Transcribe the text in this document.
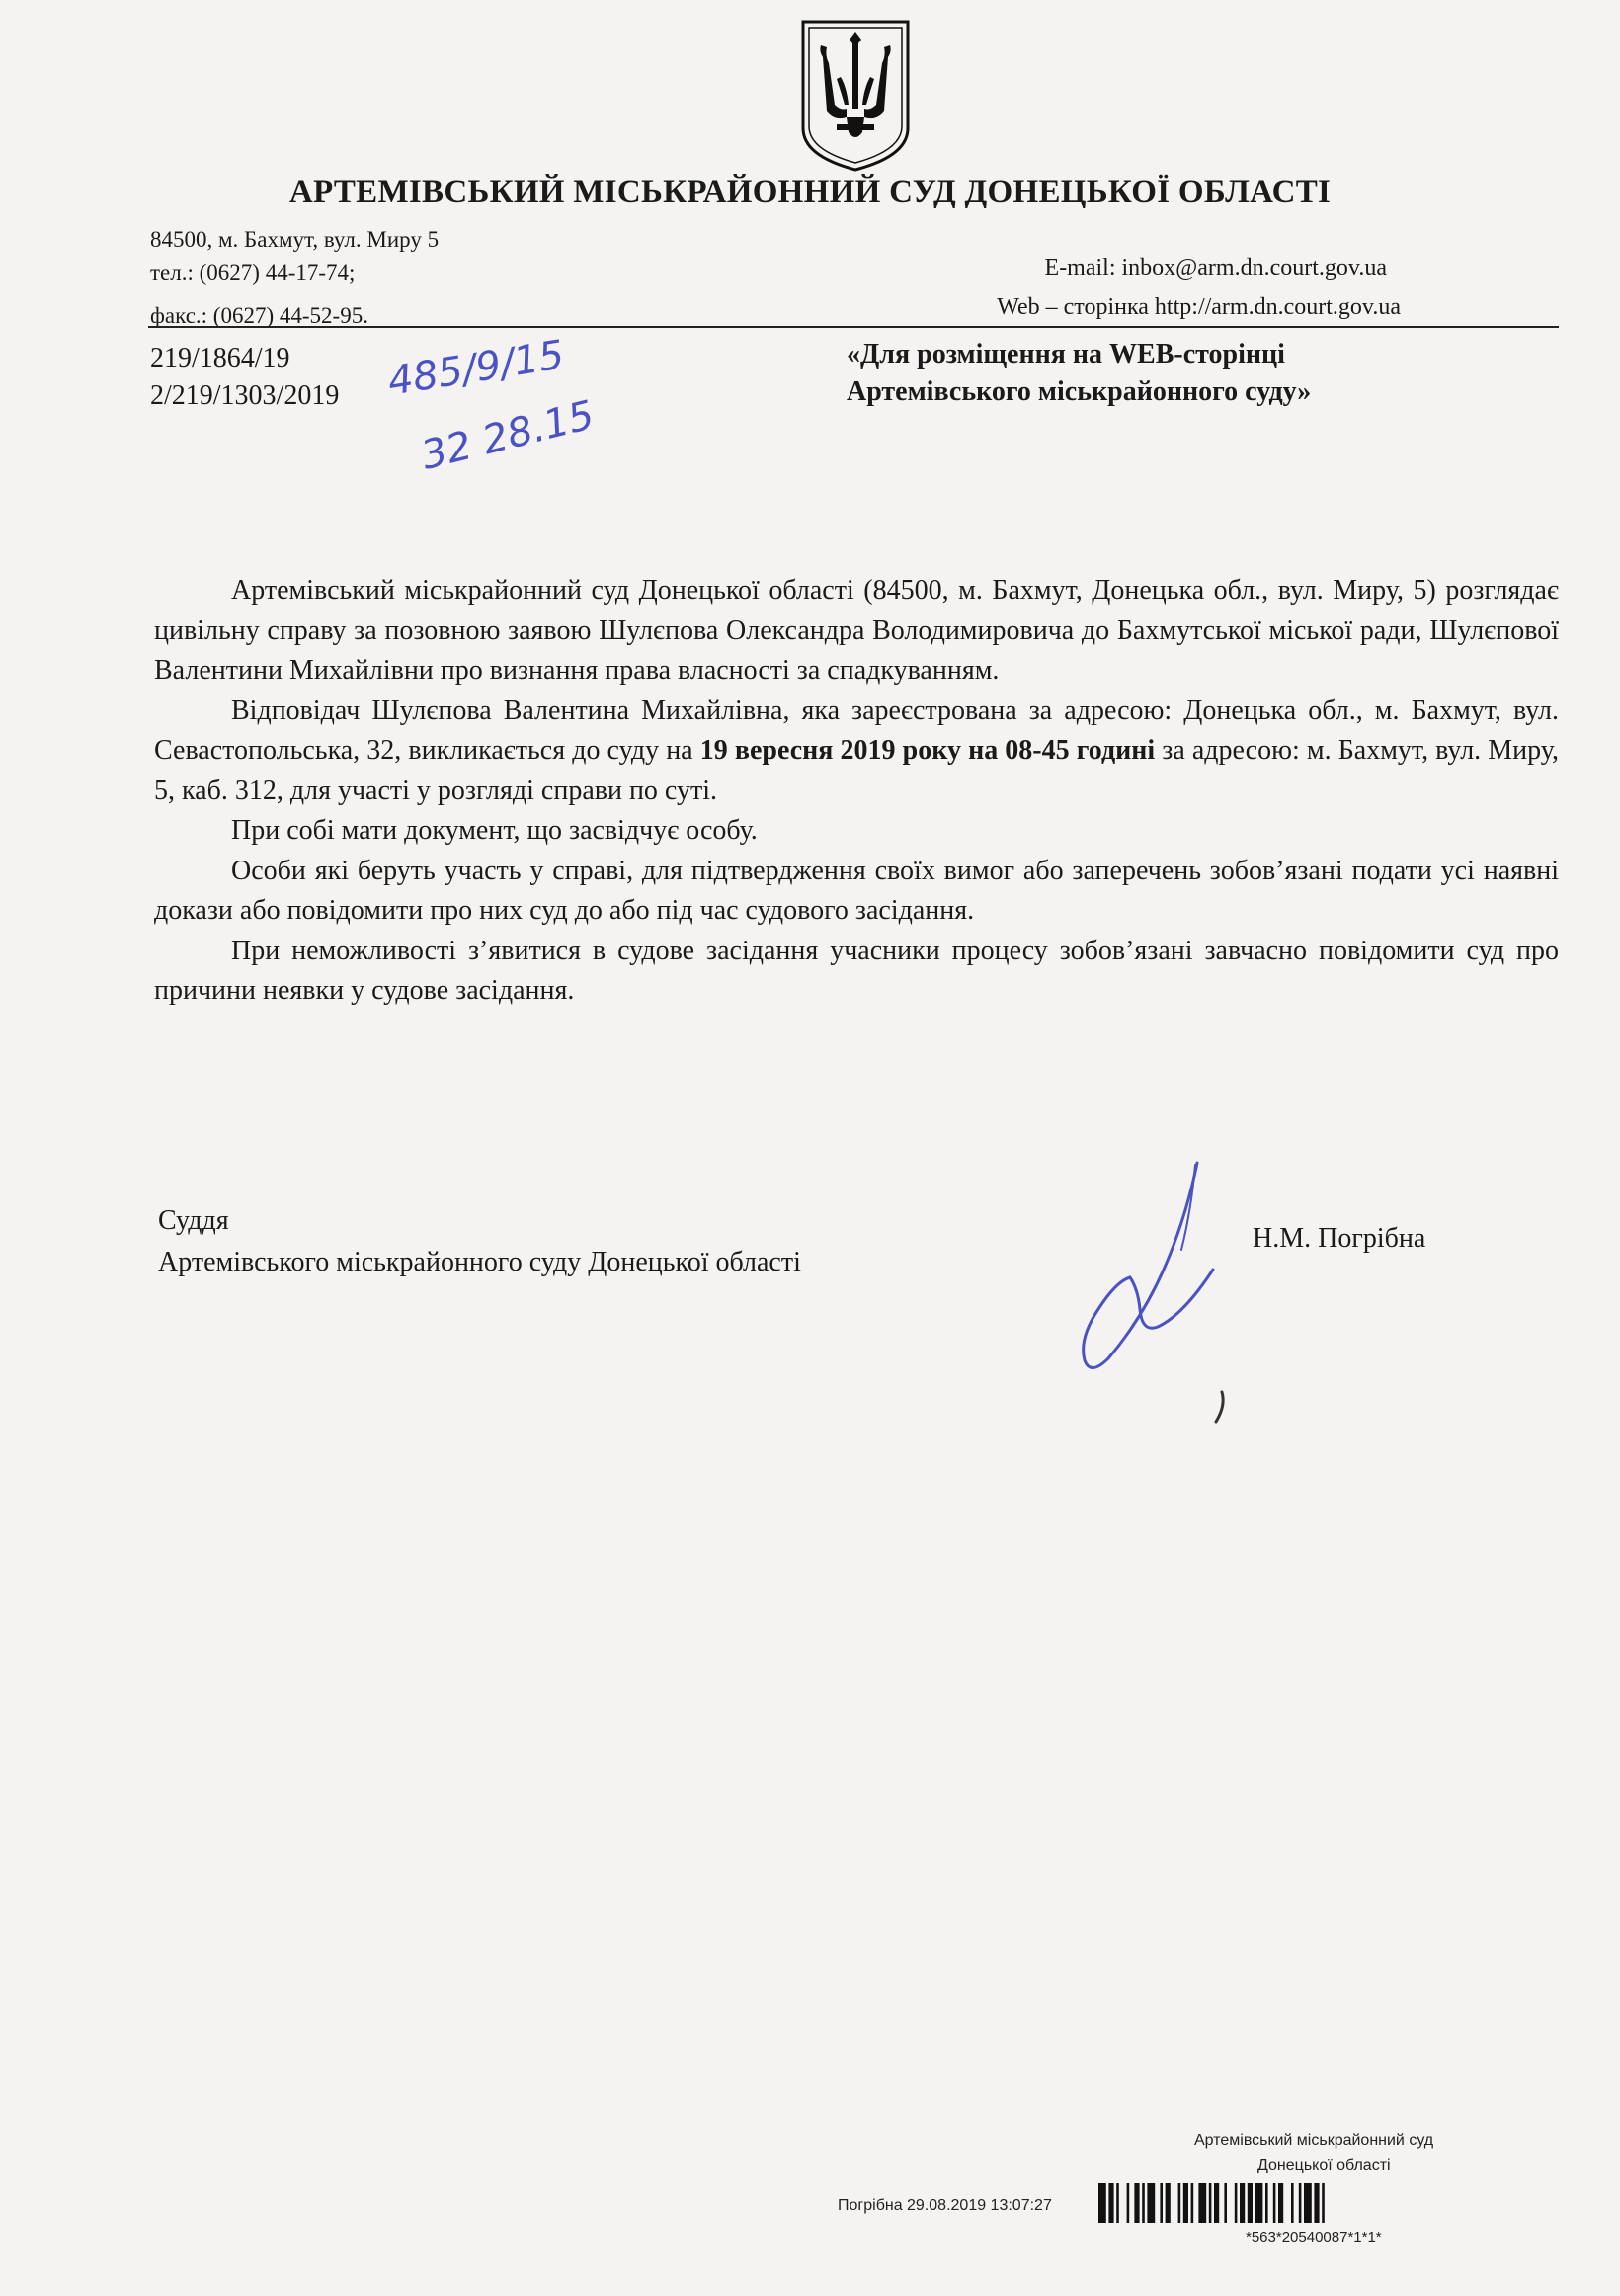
АРТЕМІВСЬКИЙ МІСЬКРАЙОННИЙ СУД ДОНЕЦЬКОЇ ОБЛАСТІ
84500, м. Бахмут, вул. Миру 5
тел.: (0627) 44-17-74;
факс.: (0627) 44-52-95.
E-mail: inbox@arm.dn.court.gov.ua
Web – сторінка http://arm.dn.court.gov.ua
219/1864/19
2/219/1303/2019 485/9/15
32 28.15
«Для розміщення на WEB-сторінці
Артемівського міськрайонного суду»

Артемівський міськрайонний суд Донецької області (84500, м. Бахмут, Донецька обл., вул. Миру, 5) розглядає цивільну справу за позовною заявою Шулєпова Олександра Володимировича до Бахмутської міської ради, Шулєпової Валентини Михайлівни про визнання права власності за спадкуванням.

Відповідач Шулєпова Валентина Михайлівна, яка зареєстрована за адресою: Донецька обл., м. Бахмут, вул. Севастопольська, 32, викликається до суду на 19 вересня 2019 року на 08-45 годині за адресою: м. Бахмут, вул. Миру, 5, каб. 312, для участі у розгляді справи по суті.

При собі мати документ, що засвідчує особу.

Особи які беруть участь у справі, для підтвердження своїх вимог або заперечень зобов’язані подати усі наявні докази або повідомити про них суд до або під час судового засідання.

При неможливості з’явитися в судове засідання учасники процесу зобов’язані завчасно повідомити суд про причини неявки у судове засідання.

Суддя
Артемівського міськрайонного суду Донецької області
Н.М. Погрібна
Артемівський міськрайонний суд
Донецької області
Погрібна 29.08.2019 13:07:27
*563*20540087*1*1*
